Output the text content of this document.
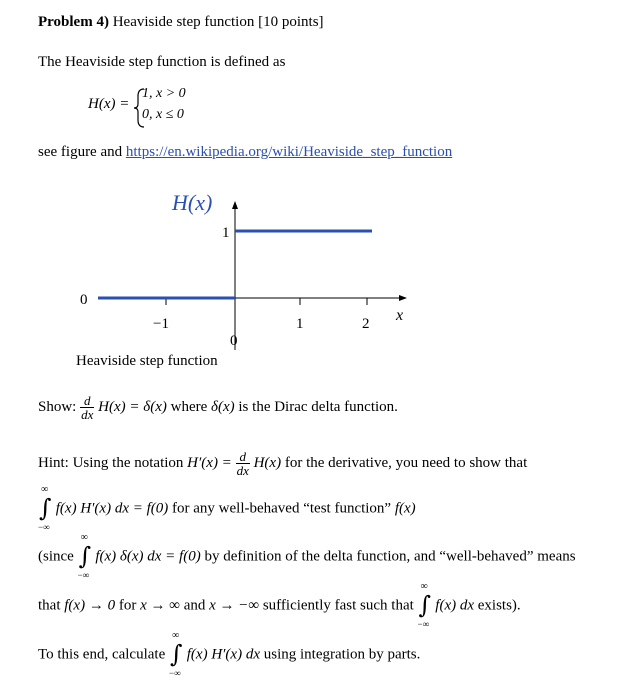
Problem 4) Heaviside step function [10 points]
The Heaviside step function is defined as
H(x) =
1, x > 0
0, x ≤ 0
see figure and https://en.wikipedia.org/wiki/Heaviside_step_function
H(x)
1
0
−1
0
1	2 x
Heaviside step function
Show: $\frac{d}{dx} H(x) = \delta(x)$ where δ(x) is the Dirac delta function.
Hint: Using the notation $H'(x) = \frac{d}{dx} H(x)$ for the derivative, you need to show that
∞
∫
−∞
f(x) H′(x) dx = f(0) for any well-behaved “test function” f(x)
(since
∞
∫
−∞
f(x) δ(x) dx = f(0) by definition of the delta function, and “well-behaved” means
that f(x) → 0 for x → ∞ and x → −∞ sufficiently fast such that
∞
∫
−∞
f(x) dx exists).
To this end, calculate
∞
∫
−∞
f(x) H′(x) dx using integration by parts.
